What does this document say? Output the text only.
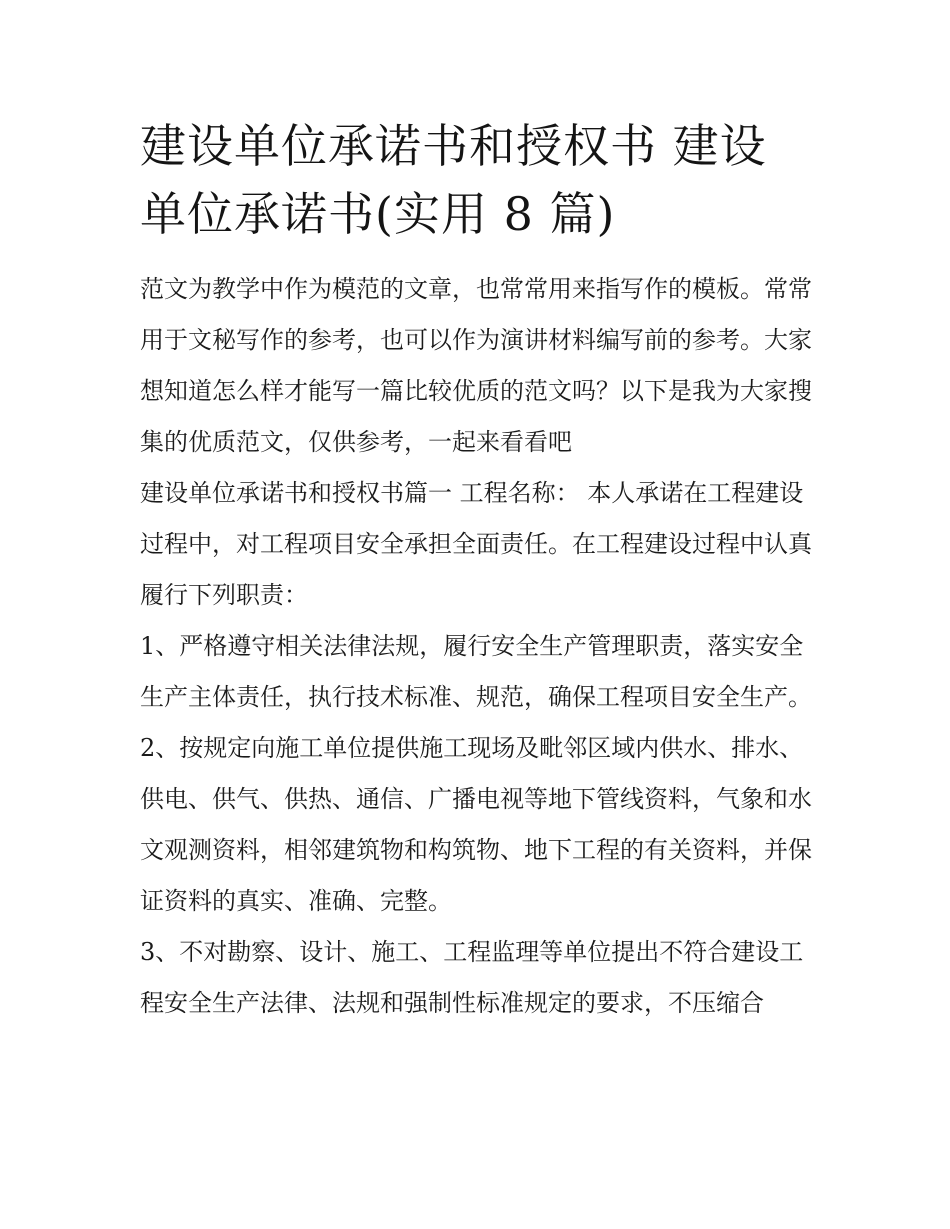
建设单位承诺书和授权书 建设单位承诺书(实用 8 篇)

范文为教学中作为模范的文章，也常常用来指写作的模板。常常用于文秘写作的参考，也可以作为演讲材料编写前的参考。大家想知道怎么样才能写一篇比较优质的范文吗？以下是我为大家搜集的优质范文，仅供参考，一起来看看吧

建设单位承诺书和授权书篇一 工程名称： 本人承诺在工程建设过程中，对工程项目安全承担全面责任。在工程建设过程中认真履行下列职责：

1、严格遵守相关法律法规，履行安全生产管理职责，落实安全生产主体责任，执行技术标准、规范，确保工程项目安全生产。

2、按规定向施工单位提供施工现场及毗邻区域内供水、排水、供电、供气、供热、通信、广播电视等地下管线资料，气象和水文观测资料，相邻建筑物和构筑物、地下工程的有关资料，并保证资料的真实、准确、完整。

3、不对勘察、设计、施工、工程监理等单位提出不符合建设工程安全生产法律、法规和强制性标准规定的要求，不压缩合
